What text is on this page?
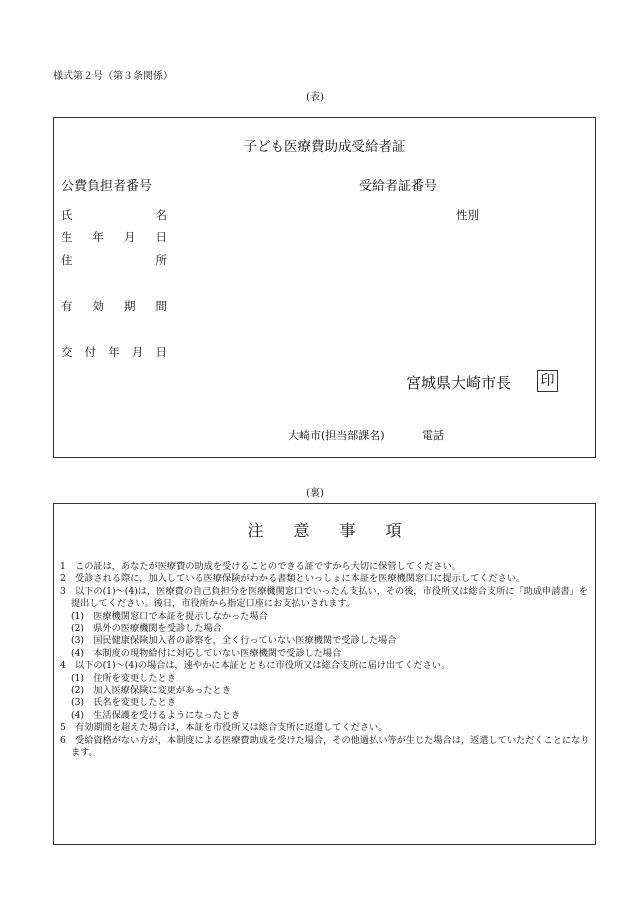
様式第２号（第３条関係）
(表)
子ども医療費助成受給者証
公費負担者番号	受給者証番号
氏	名	性別
生 年 月 日
住	所
有 効 期 間
交 付 年 月 日
宮城県大崎市長 印
大崎市(担当部課名)	電話
(裏)
注意事項

1　この証は，あなたが医療費の助成を受けることのできる証ですから大切に保管してください。

2　受診される際に，加入している医療保険がわかる書類といっしょに本証を医療機関窓口に提示してください。

3　以下の(1)～(4)は，医療費の自己負担分を医療機関窓口でいったん支払い，その後，市役所又は総合支所に「助成申請書」を提出してください。後日，市役所から指定口座にお支払いされます。

(1)　医療機関窓口で本証を提示しなかった場合

(2)　県外の医療機関を受診した場合

(3)　国民健康保険加入者の診察を，全く行っていない医療機関で受診した場合

(4)　本制度の現物給付に対応していない医療機関で受診した場合

4　以下の(1)～(4)の場合は，速やかに本証とともに市役所又は総合支所に届け出てください。

(1)　住所を変更したとき

(2)　加入医療保険に変更があったとき

(3)　氏名を変更したとき

(4)　生活保護を受けるようになったとき

5　有効期間を超えた場合は，本証を市役所又は総合支所に返還してください。

6　受給資格がない方が，本制度による医療費助成を受けた場合，その他過払い等が生じた場合は，返還していただくことになります。
